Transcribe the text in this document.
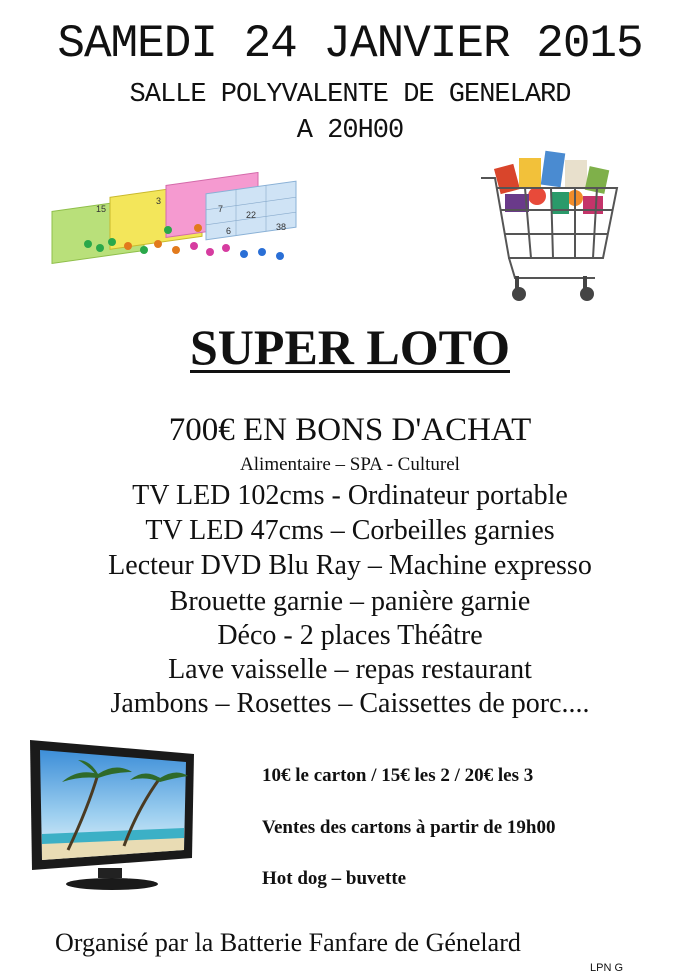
SAMEDI 24 JANVIER 2015
SALLE POLYVALENTE DE GENELARD
A 20H00
15
3
22
38
7
6
SUPER LOTO
700€ EN BONS D'ACHAT
Alimentaire – SPA - Culturel
TV LED 102cms - Ordinateur portable
TV LED 47cms – Corbeilles garnies
Lecteur DVD Blu Ray – Machine expresso
Brouette garnie – panière garnie
Déco - 2 places Théâtre
Lave vaisselle – repas restaurant
Jambons – Rosettes – Caissettes de porc....
10€ le carton / 15€ les 2 / 20€ les 3
Ventes des cartons à partir de 19h00
Hot dog – buvette
Organisé par la Batterie Fanfare de Génelard
LPN G
